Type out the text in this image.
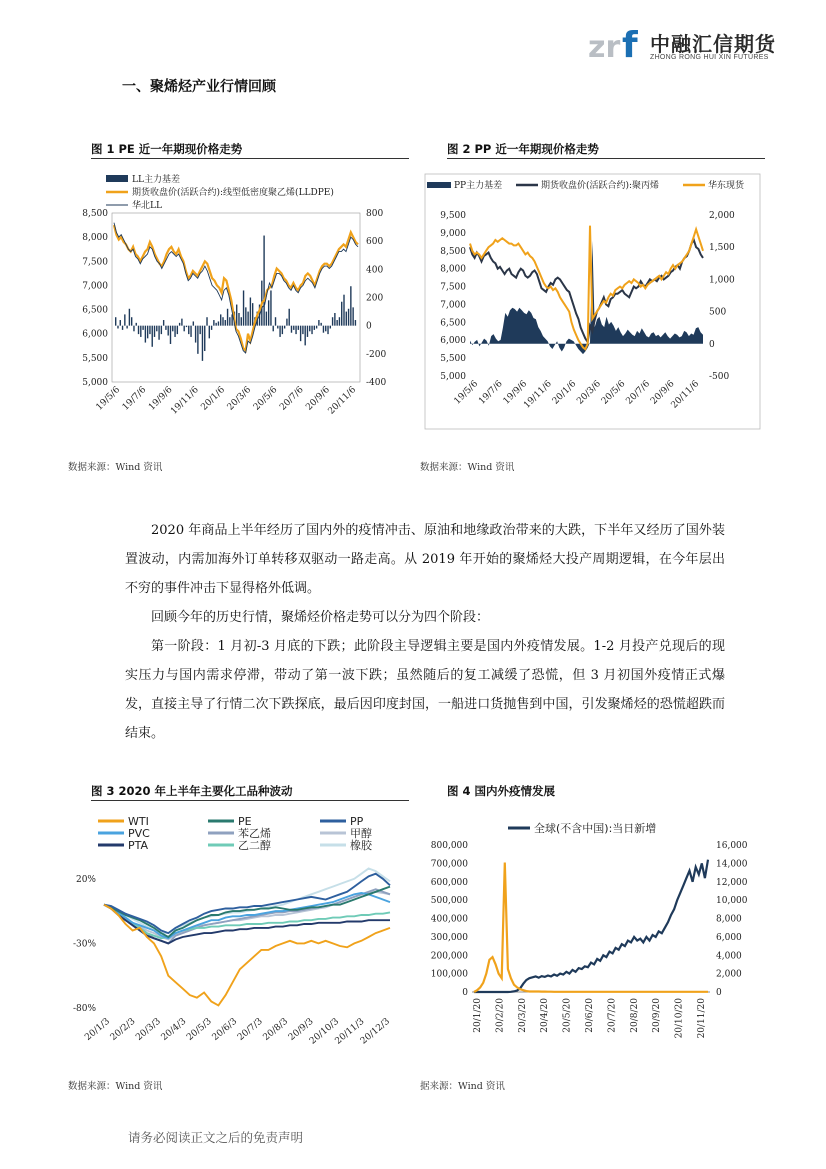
zr f 中融汇信期货
ZHONG RONG HUI XIN FUTURES
一、聚烯烃产业行情回顾
图 1 PE 近一年期现价格走势
8,500
8,000
7,500
7,000
6,500
6,000
5,500
5,000
800
600
400
200
0
-200
-400
19/5/6
19/7/6
19/9/6
19/11/6
20/1/6
20/3/6
20/5/6
20/7/6
20/9/6
20/11/6
LL主力基差
期货收盘价(活跃合约):线型低密度聚乙烯(LLDPE)
华北LL
数据来源：Wind 资讯
图 2 PP 近一年期现价格走势
9,500
9,000
8,500
8,000
7,500
7,000
6,500
6,000
5,500
5,000
2,000
1,500
1,000
500
0
-500
19/5/6
19/7/6
19/9/6
19/11/6
20/1/6
20/3/6
20/5/6
20/7/6
20/9/6
20/11/6
PP主力基差	期货收盘价(活跃合约):聚丙烯	华东现货
数据来源：Wind 资讯

2020 年商品上半年经历了国内外的疫情冲击、原油和地缘政治带来的大跌，下半年又经历了国外装置波动，内需加海外订单转移双驱动一路走高。从 2019 年开始的聚烯烃大投产周期逻辑，在今年层出不穷的事件冲击下显得格外低调。

回顾今年的历史行情，聚烯烃价格走势可以分为四个阶段：

第一阶段：1 月初-3 月底的下跌；此阶段主导逻辑主要是国内外疫情发展。1-2 月投产兑现后的现实压力与国内需求停滞，带动了第一波下跌；虽然随后的复工减缓了恐慌，但 3 月初国外疫情正式爆发，直接主导了行情二次下跌探底，最后因印度封国，一船进口货抛售到中国，引发聚烯烃的恐慌超跌而结束。

图 3 2020 年上半年主要化工品种波动
20%
-30%
-80%
20/1/3
20/2/3
20/3/3
20/4/3
20/5/3
20/6/3
20/7/3
20/8/3
20/9/3
20/10/3
20/11/3
20/12/3
WTI	PE	PP
PVC	苯乙烯	甲醇
PTA	乙二醇	橡胶
数据来源：Wind 资讯
图 4 国内外疫情发展
800,000
700,000
600,000
500,000
400,000
300,000
200,000
100,000
0
16,000
14,000
12,000
10,000
8,000
6,000
4,000
2,000
0
20/1/20 20/2/20 20/3/20 20/4/20 20/5/20 20/6/20 20/7/20 20/8/20 20/9/20 20/10/20 20/11/20
全球(不含中国):当日新增
据来源：Wind 资讯
请务必阅读正文之后的免责声明
